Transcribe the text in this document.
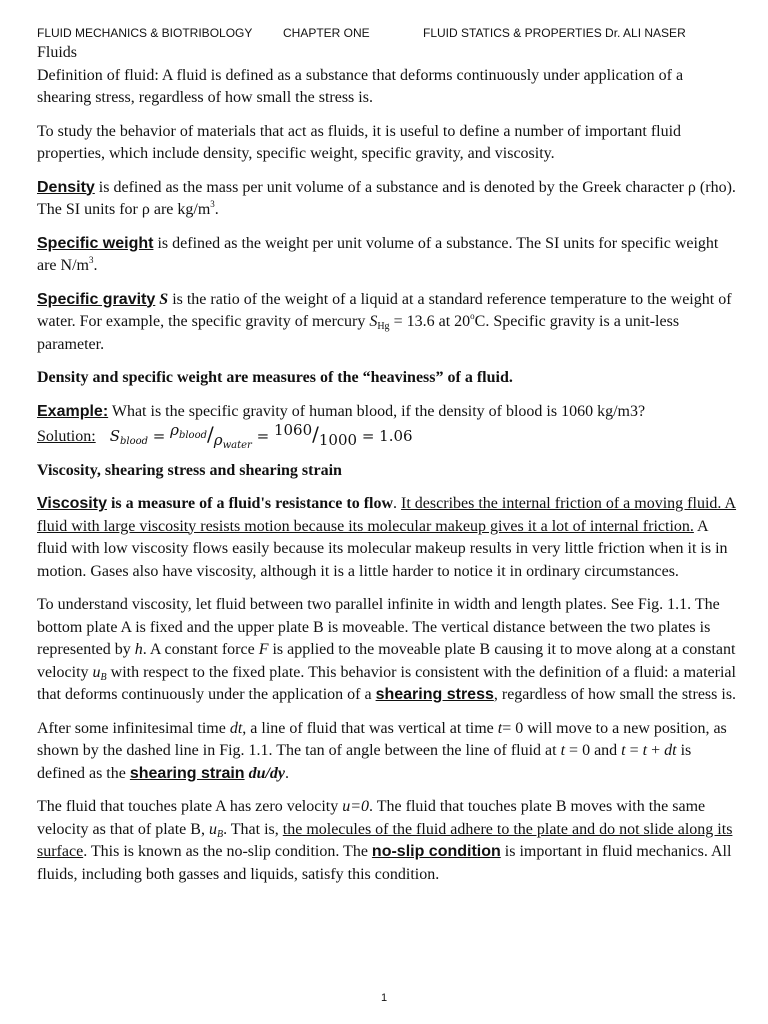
FLUID MECHANICS & BIOTRIBOLOGY	CHAPTER ONE	FLUID STATICS & PROPERTIES Dr. ALI NASER
Fluids
Definition of fluid: A fluid is defined as a substance that deforms continuously under application of a shearing stress, regardless of how small the stress is.
To study the behavior of materials that act as fluids, it is useful to define a number of important fluid properties, which include density, specific weight, specific gravity, and viscosity.
Density is defined as the mass per unit volume of a substance and is denoted by the Greek character ρ (rho). The SI units for ρ are $kg/m^3$.
Specific weight is defined as the weight per unit volume of a substance. The SI units for specific weight are $N/m^3$.
Specific gravity S is the ratio of the weight of a liquid at a standard reference temperature to the weight of water. For example, the specific gravity of mercury $S_{Hg} = 13.6$ at 20$^o$C. Specific gravity is a unit-less parameter.
Density and specific weight are measures of the “heaviness” of a fluid.
Example: What is the specific gravity of human blood, if the density of blood is 1060 kg/m3?
Solution: $S_{blood} = \rho_{blood}/\rho_{water} = 1060/1000 = 1.06$
Viscosity, shearing stress and shearing strain
Viscosity is a measure of a fluid's resistance to flow. It describes the internal friction of a moving fluid. A fluid with large viscosity resists motion because its molecular makeup gives it a lot of internal friction. A fluid with low viscosity flows easily because its molecular makeup results in very little friction when it is in motion. Gases also have viscosity, although it is a little harder to notice it in ordinary circumstances.
To understand viscosity, let fluid between two parallel infinite in width and length plates. See Fig. 1.1. The bottom plate A is fixed and the upper plate B is moveable. The vertical distance between the two plates is represented by h. A constant force F is applied to the moveable plate B causing it to move along at a constant velocity $u_B$ with respect to the fixed plate. This behavior is consistent with the definition of a fluid: a material that deforms continuously under the application of a shearing stress, regardless of how small the stress is.
After some infinitesimal time dt, a line of fluid that was vertical at time t= 0 will move to a new position, as shown by the dashed line in Fig. 1.1. The tan of angle between the line of fluid at t = 0 and t = t + dt is defined as the shearing strain du/dy.
The fluid that touches plate A has zero velocity u=0. The fluid that touches plate B moves with the same velocity as that of plate B, $u_B$. That is, the molecules of the fluid adhere to the plate and do not slide along its surface. This is known as the no-slip condition. The no-slip condition is important in fluid mechanics. All fluids, including both gasses and liquids, satisfy this condition.
1
